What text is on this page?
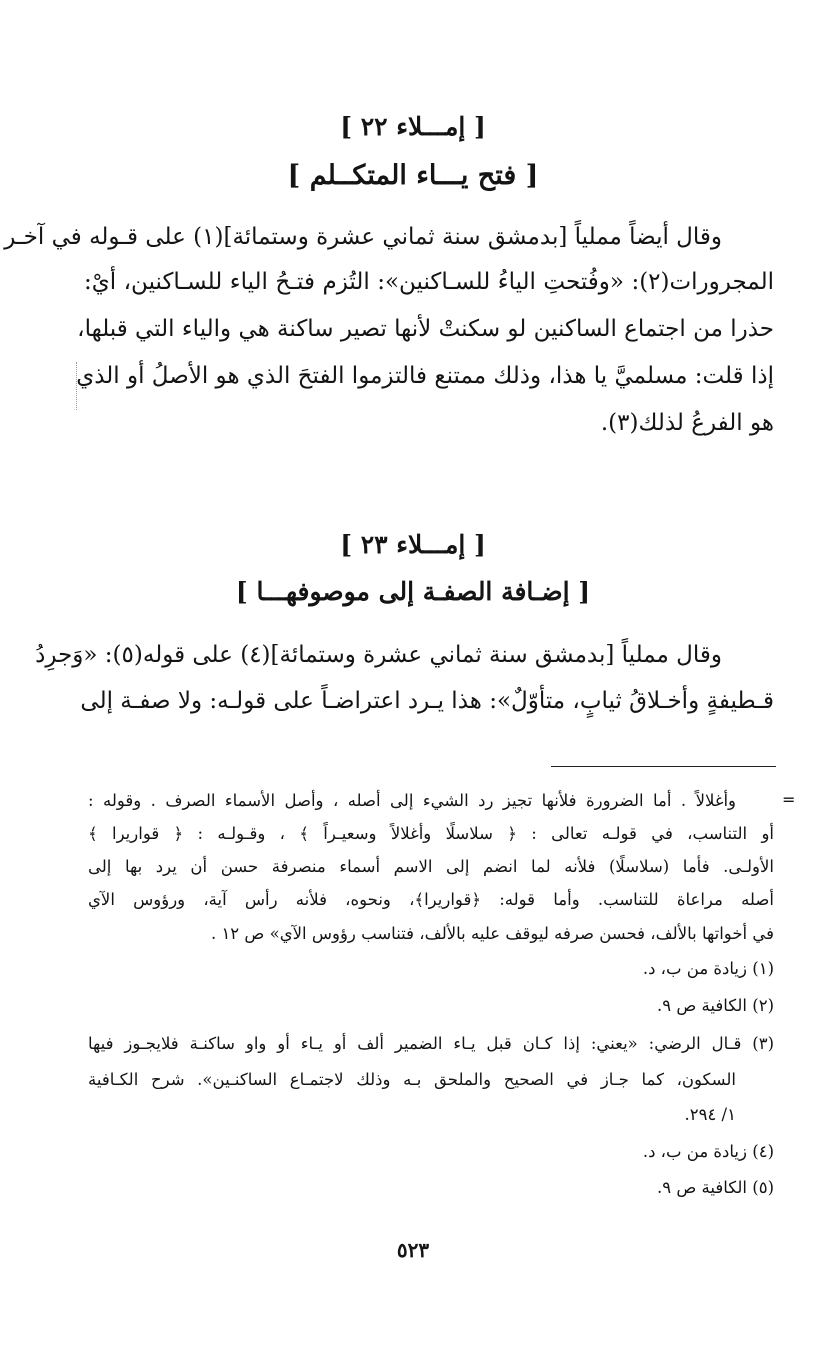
[ إمـــلاء ٢٢ ]
[ فتح يـــاء المتكــلم ]
وقال أيضاً مملياً [بدمشق سنة ثماني عشرة وستمائة](١) على قـوله في آخـر
المجرورات(٢): «وفُتحتِ الياءُ للسـاكنين»: التُزم فتـحُ الياء للسـاكنين، أيْ:
حذرا من اجتماع الساكنين لو سكنتْ لأنها تصير ساكنة هي والياء التي قبلها،
إذا قلت: مسلميَّ يا هذا، وذلك ممتنع فالتزموا الفتحَ الذي هو الأصلُ أو الذي
هو الفرعُ لذلك(٣).
[ إمـــلاء ٢٣ ]
[ إضـافة الصفـة إلى موصوفهـــا ]
وقال مملياً [بدمشق سنة ثماني عشرة وستمائة](٤) على قوله(٥): «وَجرِدُ
قـطيفةٍ وأخـلاقُ ثيابٍ، متأوّلٌ»: هذا يـرد اعتراضـاً على قولـه: ولا صفـة إلى
=
وأغلالاً . أما الضرورة فلأنها تجيز رد الشيء إلى أصله ، وأصل الأسماء الصرف . وقوله :
أو التناسب، في قولـه تعالى : ﴿ سلاسلًا وأغلالاً وسعيـراً ﴾ ، وقـولـه : ﴿ قواريرا ﴾
الأولـى. فأما (سلاسلًا) فلأنه لما انضم إلى الاسم أسماء منصرفة حسن أن يرد بها إلى
أصله مراعاة للتناسب. وأما قوله: ﴿قواريرا﴾، ونحوه، فلأنه رأس آية، ورؤوس الآي
في أخواتها بالألف، فحسن صرفه ليوقف عليه بالألف، فتناسب رؤوس الآي» ص ١٢ .
(١) زيادة من ب، د.
(٢) الكافية ص ٩.
(٣) قـال الرضي: «يعني: إذا كـان قبل يـاء الضمير ألف أو يـاء أو واو ساكنـة فلايجـوز فيها
السكون، كما جـاز في الصحيح والملحق بـه وذلك لاجتمـاع الساكنـين». شرح الكـافية
١/ ٢٩٤.
(٤) زيادة من ب، د.
(٥) الكافية ص ٩.
٥٢٣
